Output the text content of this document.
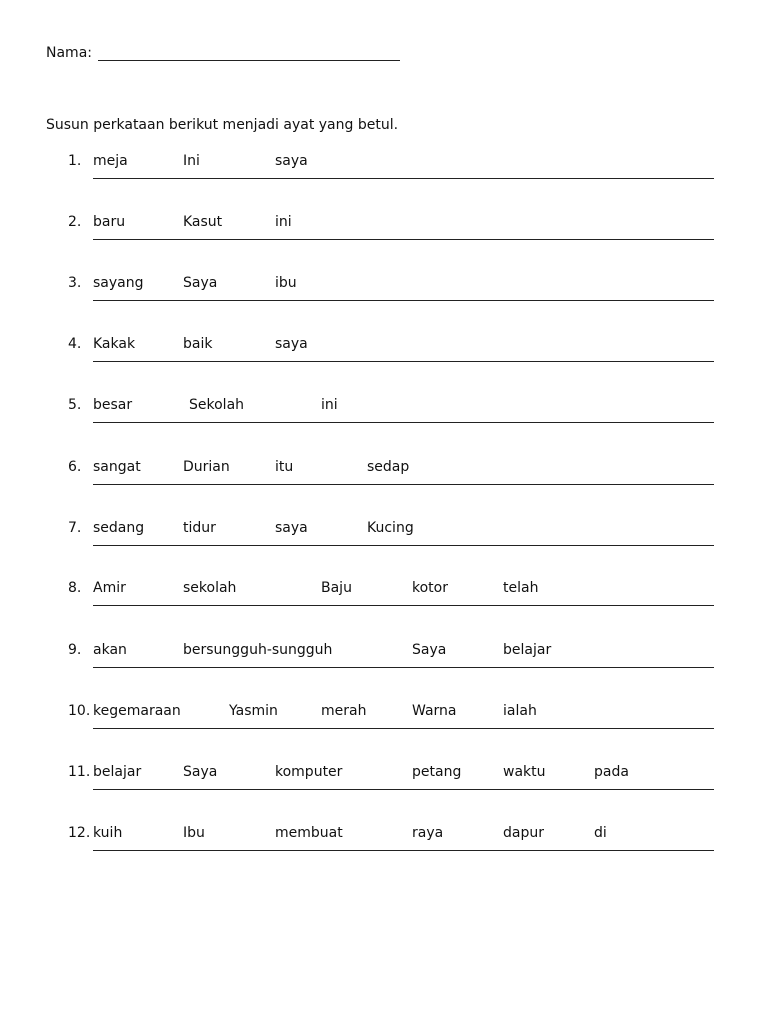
Nama:
Susun perkataan berikut menjadi ayat yang betul.
1. meja	Ini	saya
2. baru	Kasut	ini
3. sayang	Saya	ibu
4. Kakak	baik	saya
5. besar	Sekolah	ini
6. sangat	Durian	itu	sedap
7. sedang	tidur	saya	Kucing
8. Amir	sekolah	Baju	kotor	telah
9. akan	bersungguh-sungguh	Saya	belajar
10. kegemaraan	Yasmin	merah	Warna	ialah
11. belajar	Saya	komputer	petang	waktu	pada
12. kuih	Ibu	membuat	raya	dapur	di
